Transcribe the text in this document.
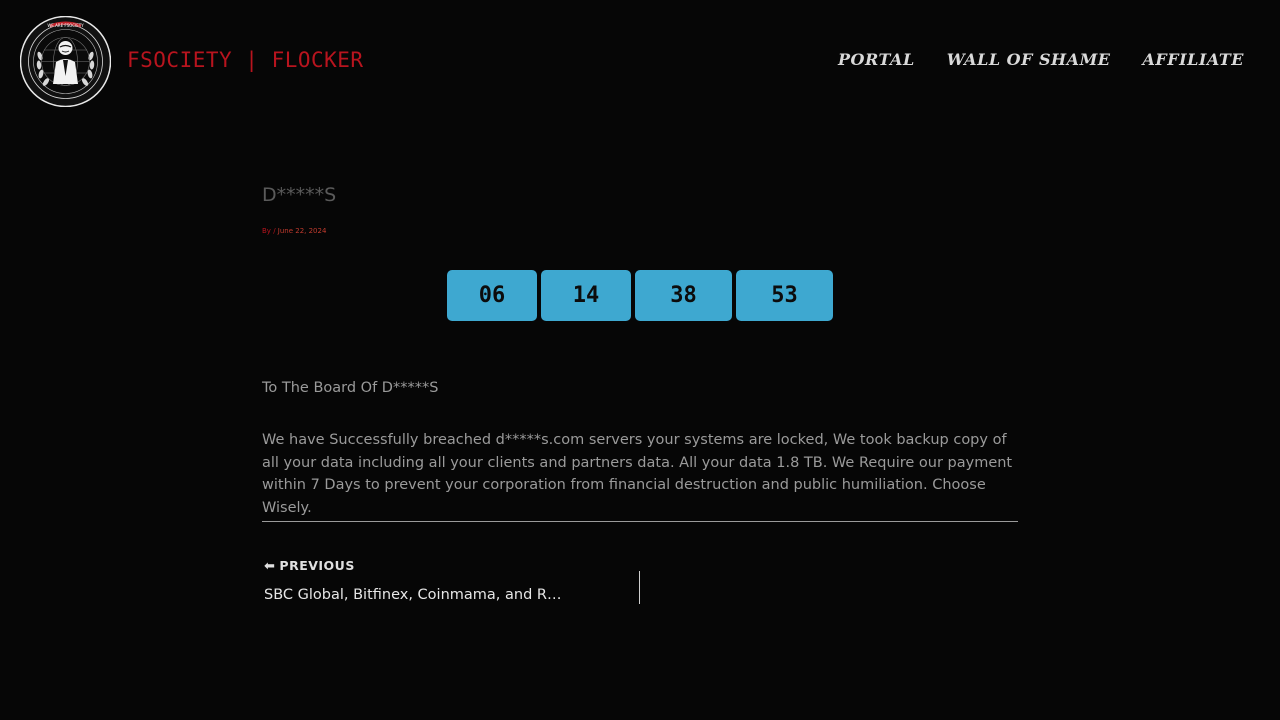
WE ARE FSOCIETY
FSOCIETY | FLOCKER	PORTAL WALL OF SHAME AFFILIATE
D*****S
By / June 22, 2024
06	14	38	53
To The Board Of D*****S

We have Successfully breached d*****s.com servers your systems are locked, We took backup copy of all your data including all your clients and partners data. All your data 1.8 TB. We Require our payment within 7 Days to prevent your corporation from financial destruction and public humiliation. Choose Wisely.

⬅ PREVIOUS
SBC Global, Bitfinex, Coinmama, and R…
